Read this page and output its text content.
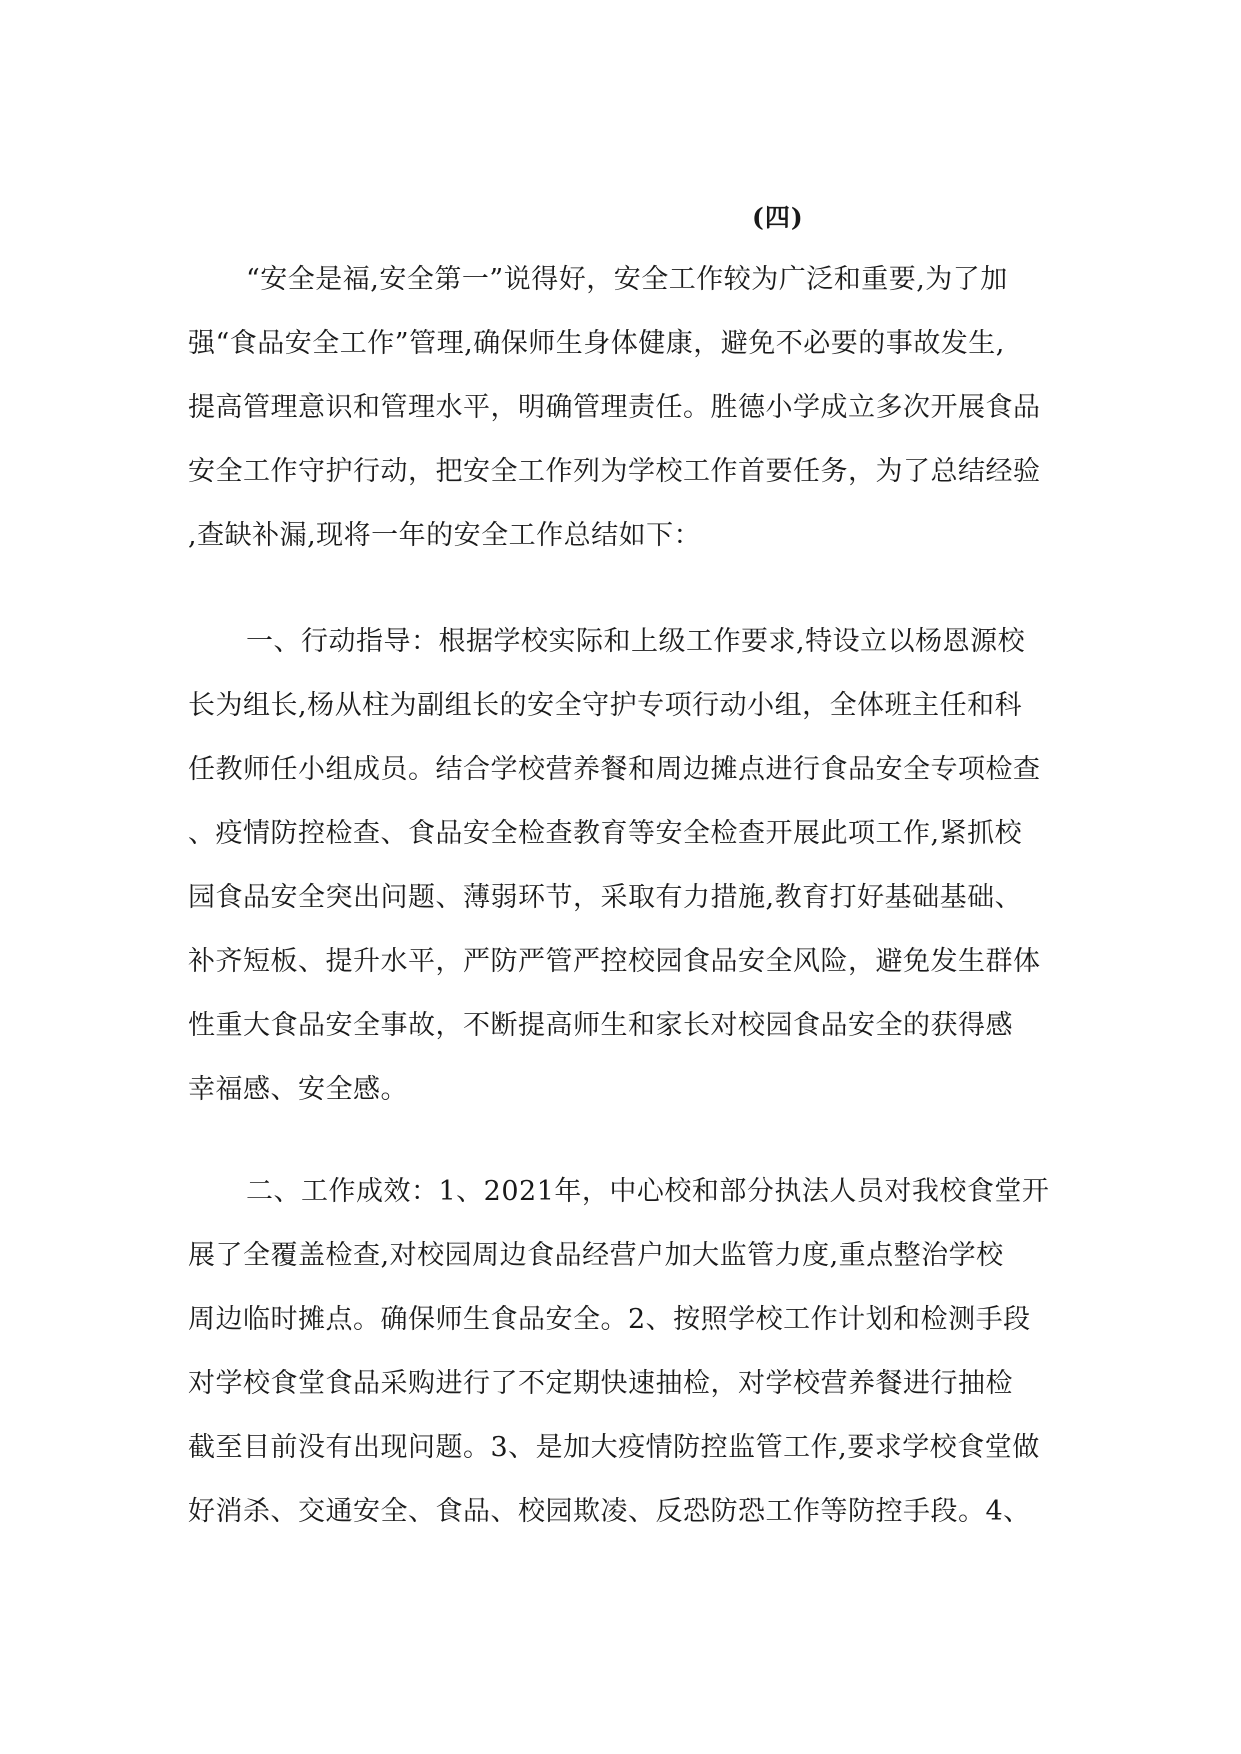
(四)
“安全是福,安全第一”说得好，安全工作较为广泛和重要,为了加
强“食品安全工作”管理,确保师生身体健康，避免不必要的事故发生,
提高管理意识和管理水平，明确管理责任。胜德小学成立多次开展食品
安全工作守护行动，把安全工作列为学校工作首要任务，为了总结经验
,查缺补漏,现将一年的安全工作总结如下：
一、行动指导：根据学校实际和上级工作要求,特设立以杨恩源校
长为组长,杨从柱为副组长的安全守护专项行动小组，全体班主任和科
任教师任小组成员。结合学校营养餐和周边摊点进行食品安全专项检查
、疫情防控检查、食品安全检查教育等安全检查开展此项工作,紧抓校
园食品安全突出问题、薄弱环节，采取有力措施,教育打好基础基础、
补齐短板、提升水平，严防严管严控校园食品安全风险，避免发生群体
性重大食品安全事故，不断提高师生和家长对校园食品安全的获得感
幸福感、安全感。
二、工作成效：1、2021年，中心校和部分执法人员对我校食堂开
展了全覆盖检查,对校园周边食品经营户加大监管力度,重点整治学校
周边临时摊点。确保师生食品安全。2、按照学校工作计划和检测手段
对学校食堂食品采购进行了不定期快速抽检，对学校营养餐进行抽检
截至目前没有出现问题。3、是加大疫情防控监管工作,要求学校食堂做
好消杀、交通安全、食品、校园欺凌、反恐防恐工作等防控手段。4、
